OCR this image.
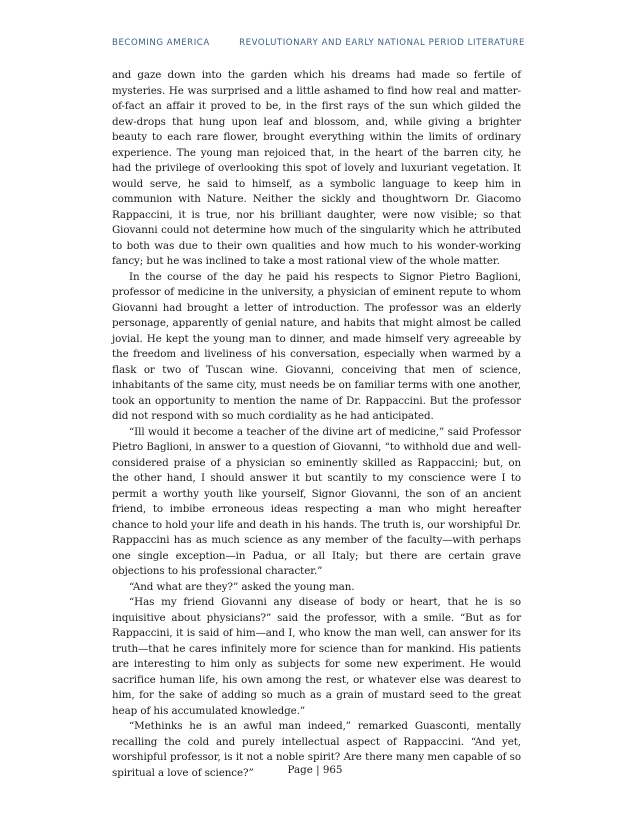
BECOMING AMERICA	REVOLUTIONARY AND EARLY NATIONAL PERIOD LITERATURE

and gaze down into the garden which his dreams had made so fertile of mysteries. He was surprised and a little ashamed to find how real and matter-of-fact an affair it proved to be, in the first rays of the sun which gilded the dew-drops that hung upon leaf and blossom, and, while giving a brighter beauty to each rare flower, brought everything within the limits of ordinary experience. The young man rejoiced that, in the heart of the barren city, he had the privilege of overlooking this spot of lovely and luxuriant vegetation. It would serve, he said to himself, as a symbolic language to keep him in communion with Nature. Neither the sickly and thoughtworn Dr. Giacomo Rappaccini, it is true, nor his brilliant daughter, were now visible; so that Giovanni could not determine how much of the singularity which he attributed to both was due to their own qualities and how much to his wonder-working fancy; but he was inclined to take a most rational view of the whole matter.

In the course of the day he paid his respects to Signor Pietro Baglioni, professor of medicine in the university, a physician of eminent repute to whom Giovanni had brought a letter of introduction. The professor was an elderly personage, apparently of genial nature, and habits that might almost be called jovial. He kept the young man to dinner, and made himself very agreeable by the freedom and liveliness of his conversation, especially when warmed by a flask or two of Tuscan wine. Giovanni, conceiving that men of science, inhabitants of the same city, must needs be on familiar terms with one another, took an opportunity to mention the name of Dr. Rappaccini. But the professor did not respond with so much cordiality as he had anticipated.

“Ill would it become a teacher of the divine art of medicine,” said Professor Pietro Baglioni, in answer to a question of Giovanni, “to withhold due and well-considered praise of a physician so eminently skilled as Rappaccini; but, on the other hand, I should answer it but scantily to my conscience were I to permit a worthy youth like yourself, Signor Giovanni, the son of an ancient friend, to imbibe erroneous ideas respecting a man who might hereafter chance to hold your life and death in his hands. The truth is, our worshipful Dr. Rappaccini has as much science as any member of the faculty—with perhaps one single exception—in Padua, or all Italy; but there are certain grave objections to his professional character.”

“And what are they?” asked the young man.

“Has my friend Giovanni any disease of body or heart, that he is so inquisitive about physicians?” said the professor, with a smile. “But as for Rappaccini, it is said of him—and I, who know the man well, can answer for its truth—that he cares infinitely more for science than for mankind. His patients are interesting to him only as subjects for some new experiment. He would sacrifice human life, his own among the rest, or whatever else was dearest to him, for the sake of adding so much as a grain of mustard seed to the great heap of his accumulated knowledge.”

“Methinks he is an awful man indeed,” remarked Guasconti, mentally recalling the cold and purely intellectual aspect of Rappaccini. “And yet, worshipful professor, is it not a noble spirit? Are there many men capable of so spiritual a love of science?”	Page | 965
